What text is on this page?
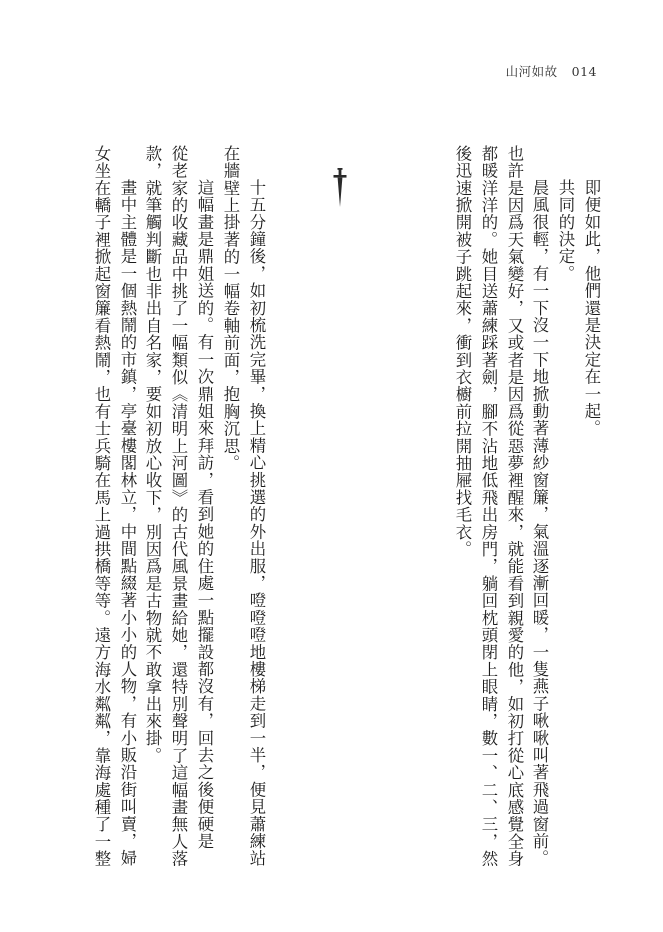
山河如故 014
即便如此，他們還是決定在一起。
共同的決定。
晨風很輕，有一下沒一下地掀動著薄紗窗簾，氣溫逐漸回暖，一隻燕子啾啾叫著飛過窗前。
也許是因爲天氣變好，又或者是因爲從惡夢裡醒來，就能看到親愛的他，如初打從心底感覺全身
都暖洋洋的。她目送蕭練踩著劍，腳不沾地低飛出房門，躺回枕頭閉上眼睛，數一、二、三，然
後迅速掀開被子跳起來，衝到衣櫥前拉開抽屜找毛衣。
十五分鐘後，如初梳洗完畢，換上精心挑選的外出服，噔噔噔地樓梯走到一半，便見蕭練站
在牆壁上掛著的一幅卷軸前面，抱胸沉思。
這幅畫是鼎姐送的。有一次鼎姐來拜訪，看到她的住處一點擺設都沒有，回去之後便硬是
從老家的收藏品中挑了一幅類似《清明上河圖》的古代風景畫給她，還特別聲明了這幅畫無人落
款，就筆觸判斷也非出自名家，要如初放心收下，別因爲是古物就不敢拿出來掛。
畫中主體是一個熱鬧的市鎮，亭臺樓閣林立，中間點綴著小小的人物，有小販沿街叫賣，婦
女坐在轎子裡掀起窗簾看熱鬧，也有士兵騎在馬上過拱橋等等。遠方海水粼粼，靠海處種了一整
